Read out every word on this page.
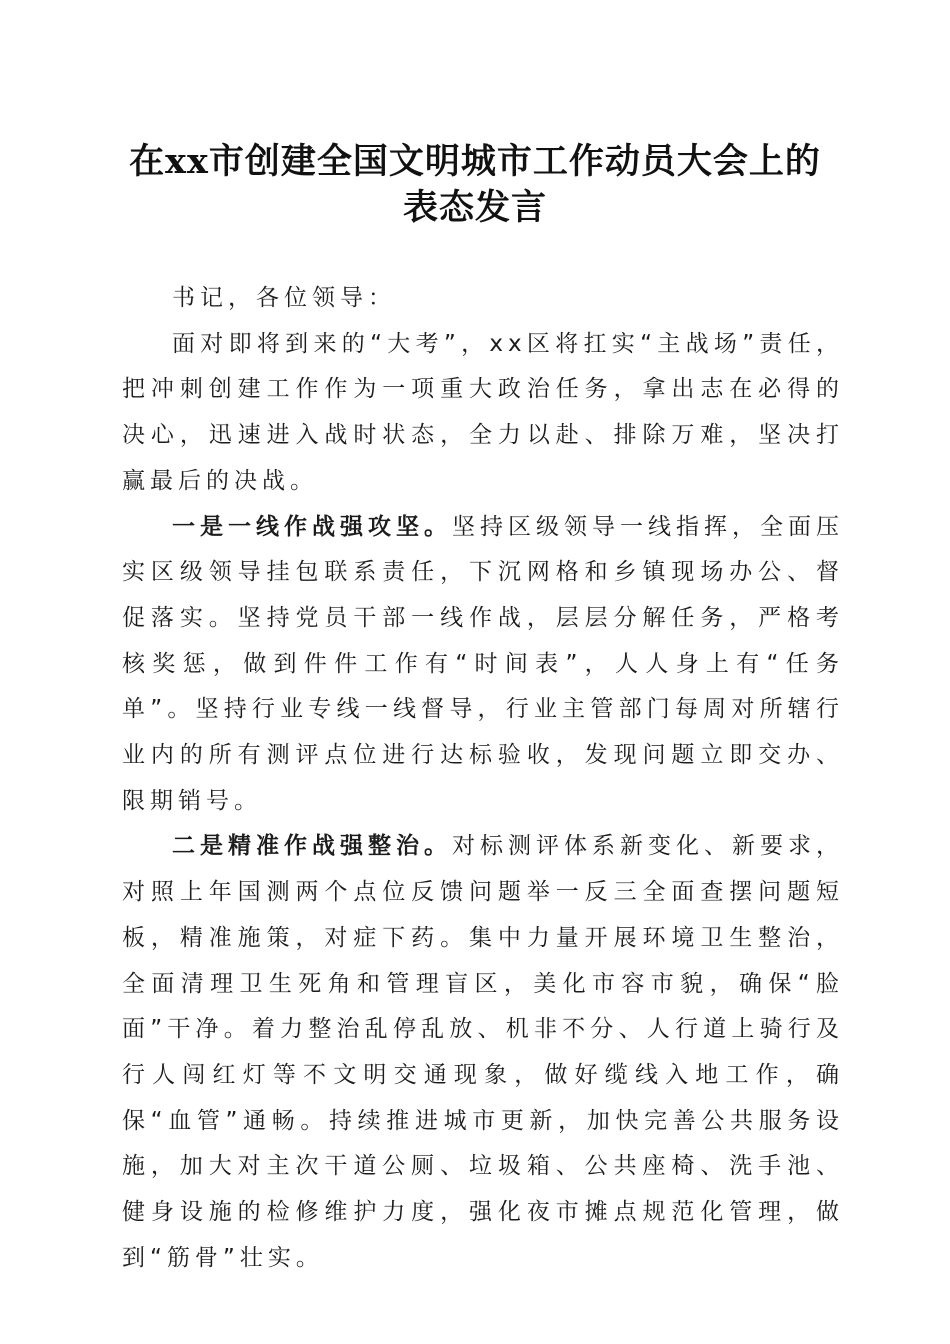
在xx市创建全国文明城市工作动员大会上的
表态发言

书记，各位领导：

面对即将到来的“大考”，xx区将扛实“主战场”责任，把冲刺创建工作作为一项重大政治任务，拿出志在必得的决心，迅速进入战时状态，全力以赴、排除万难，坚决打赢最后的决战。

一是一线作战强攻坚。坚持区级领导一线指挥，全面压实区级领导挂包联系责任，下沉网格和乡镇现场办公、督促落实。坚持党员干部一线作战，层层分解任务，严格考核奖惩，做到件件工作有“时间表”，人人身上有“任务单”。坚持行业专线一线督导，行业主管部门每周对所辖行业内的所有测评点位进行达标验收，发现问题立即交办、限期销号。

二是精准作战强整治。对标测评体系新变化、新要求，对照上年国测两个点位反馈问题举一反三全面查摆问题短板，精准施策，对症下药。集中力量开展环境卫生整治，全面清理卫生死角和管理盲区，美化市容市貌，确保“脸面”干净。着力整治乱停乱放、机非不分、人行道上骑行及行人闯红灯等不文明交通现象，做好缆线入地工作，确保“血管”通畅。持续推进城市更新，加快完善公共服务设施，加大对主次干道公厕、垃圾箱、公共座椅、洗手池、健身设施的检修维护力度，强化夜市摊点规范化管理，做到“筋骨”壮实。
